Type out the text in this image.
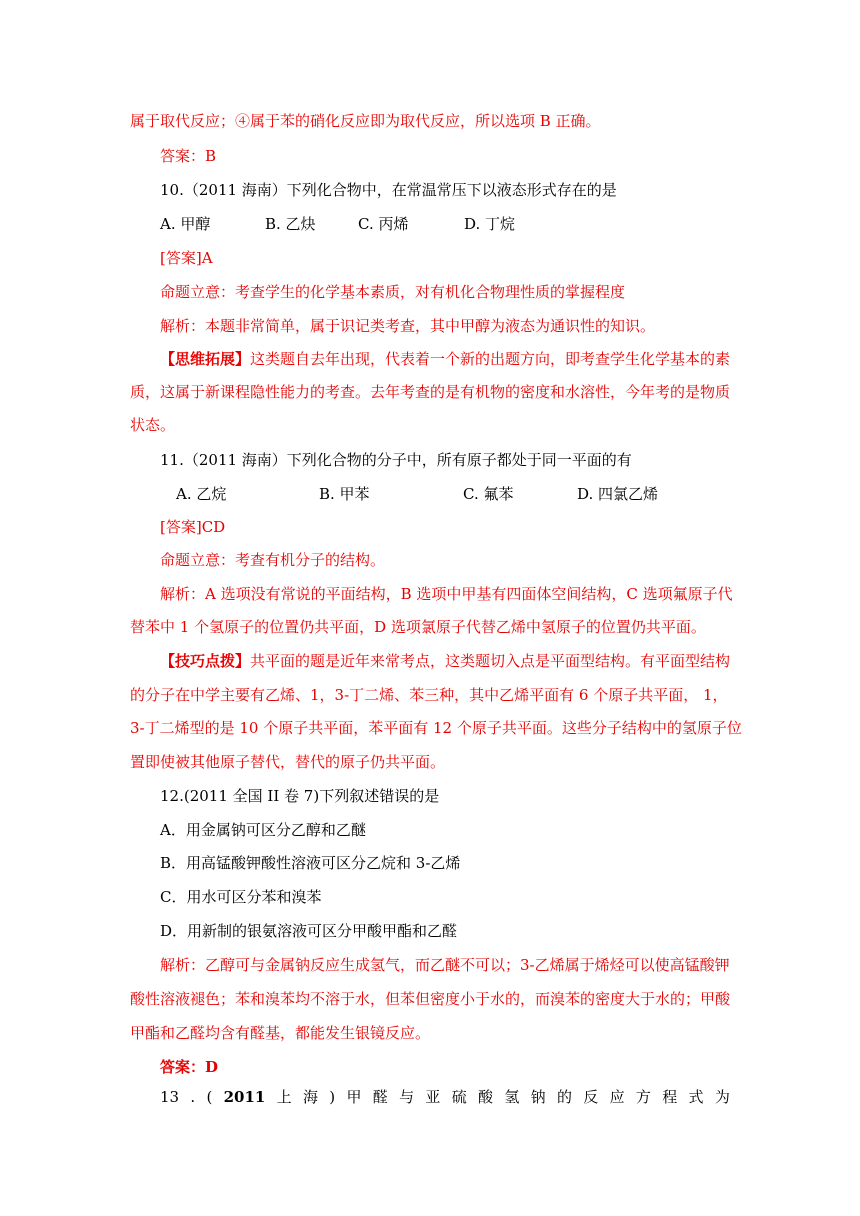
属于取代反应；④属于苯的硝化反应即为取代反应，所以选项 B 正确。
答案：B
10.（2011 海南）下列化合物中，在常温常压下以液态形式存在的是
A. 甲醇	B. 乙炔	C. 丙烯	D. 丁烷
[答案]A
命题立意：考查学生的化学基本素质，对有机化合物理性质的掌握程度
解析：本题非常简单，属于识记类考查，其中甲醇为液态为通识性的知识。
【思维拓展】这类题自去年出现，代表着一个新的出题方向，即考查学生化学基本的素
质，这属于新课程隐性能力的考查。去年考查的是有机物的密度和水溶性，今年考的是物质
状态。
11.（2011 海南）下列化合物的分子中，所有原子都处于同一平面的有
A. 乙烷	B. 甲苯	C. 氟苯	D. 四氯乙烯
[答案]CD
命题立意：考查有机分子的结构。
解析：A 选项没有常说的平面结构，B 选项中甲基有四面体空间结构，C 选项氟原子代
替苯中 1 个氢原子的位置仍共平面，D 选项氯原子代替乙烯中氢原子的位置仍共平面。
【技巧点拨】共平面的题是近年来常考点，这类题切入点是平面型结构。有平面型结构
的分子在中学主要有乙烯、1，3-丁二烯、苯三种，其中乙烯平面有 6 个原子共平面， 1，
3-丁二烯型的是 10 个原子共平面，苯平面有 12 个原子共平面。这些分子结构中的氢原子位
置即使被其他原子替代，替代的原子仍共平面。
12.(2011 全国 II 卷 7)下列叙述错误的是
A．用金属钠可区分乙醇和乙醚
B．用高锰酸钾酸性溶液可区分乙烷和 3-乙烯
C．用水可区分苯和溴苯
D．用新制的银氨溶液可区分甲酸甲酯和乙醛
解析：乙醇可与金属钠反应生成氢气，而乙醚不可以；3-乙烯属于烯烃可以使高锰酸钾
酸性溶液褪色；苯和溴苯均不溶于水，但苯但密度小于水的，而溴苯的密度大于水的；甲酸
甲酯和乙醛均含有醛基，都能发生银镜反应。
答案：D
13 . ( 2011 上 海 ) 甲 醛 与 亚 硫 酸 氢 钠 的 反 应 方 程 式 为
